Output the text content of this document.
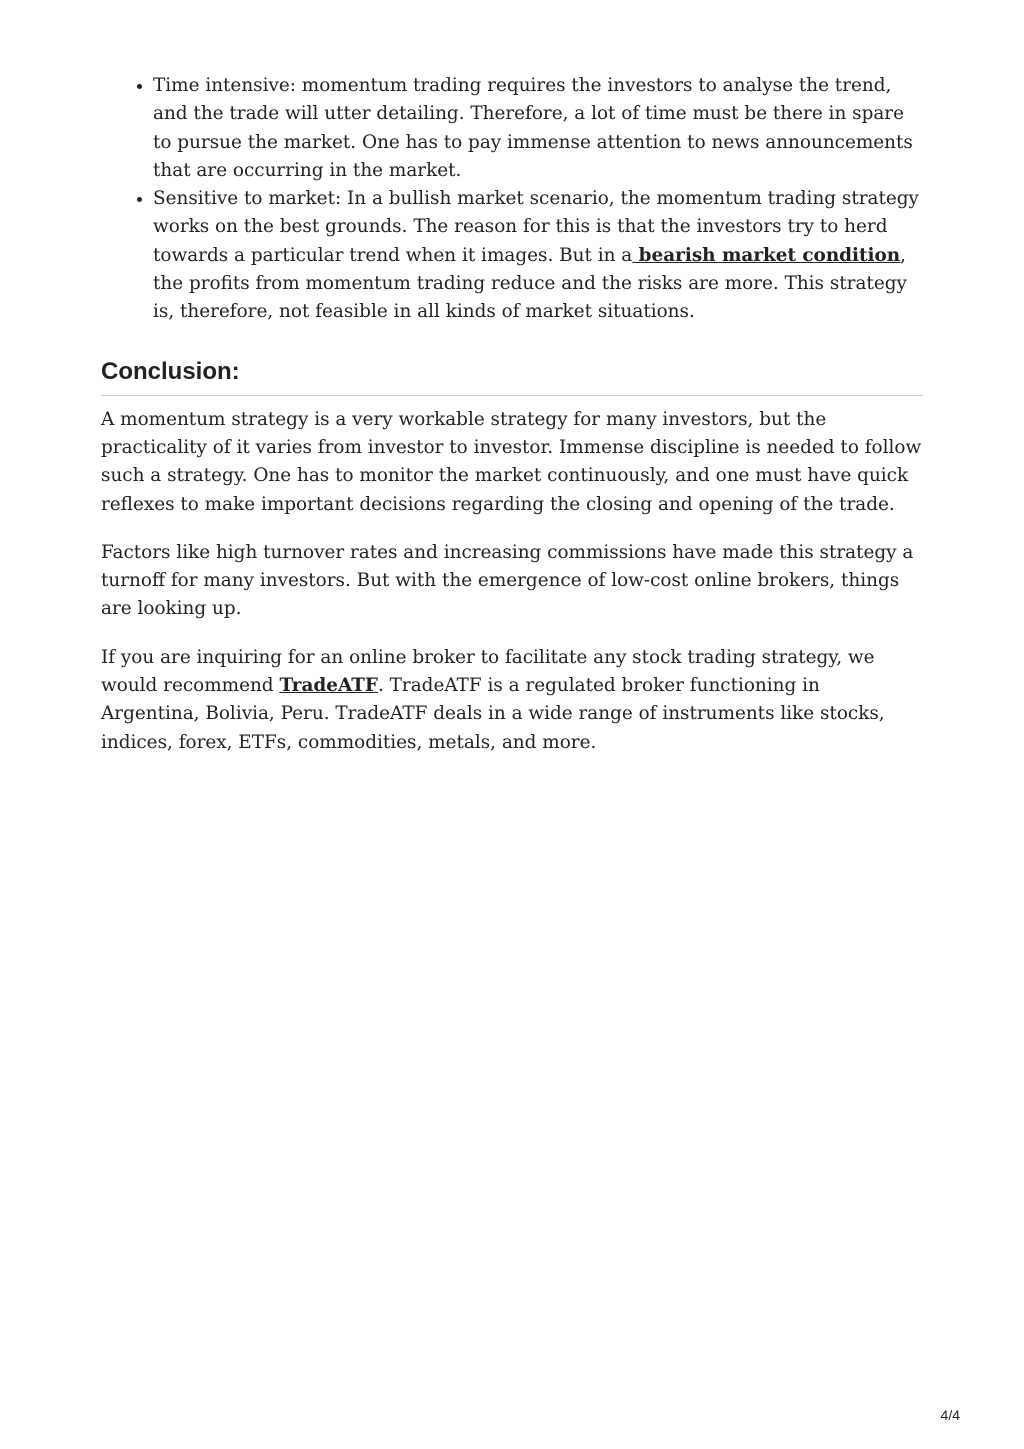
• Time intensive: momentum trading requires the investors to analyse the trend, and the trade will utter detailing. Therefore, a lot of time must be there in spare to pursue the market. One has to pay immense attention to news announcements that are occurring in the market.
• Sensitive to market: In a bullish market scenario, the momentum trading strategy works on the best grounds. The reason for this is that the investors try to herd towards a particular trend when it images. But in a bearish market condition, the profits from momentum trading reduce and the risks are more. This strategy is, therefore, not feasible in all kinds of market situations.
Conclusion:

A momentum strategy is a very workable strategy for many investors, but the practicality of it varies from investor to investor. Immense discipline is needed to follow such a strategy. One has to monitor the market continuously, and one must have quick reflexes to make important decisions regarding the closing and opening of the trade.

Factors like high turnover rates and increasing commissions have made this strategy a turnoff for many investors. But with the emergence of low-cost online brokers, things are looking up.

If you are inquiring for an online broker to facilitate any stock trading strategy, we would recommend TradeATF. TradeATF is a regulated broker functioning in Argentina, Bolivia, Peru. TradeATF deals in a wide range of instruments like stocks, indices, forex, ETFs, commodities, metals, and more.

4/4
